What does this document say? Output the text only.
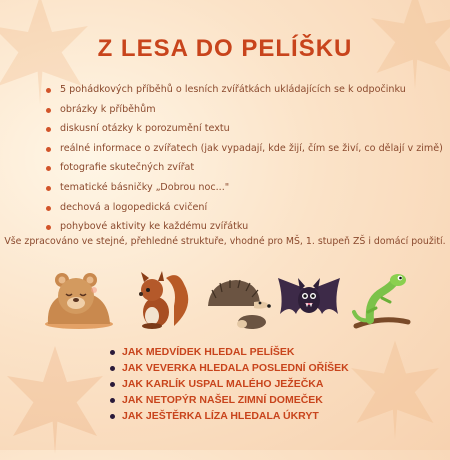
Z LESA DO PELÍŠKU
5 pohádkových příběhů o lesních zvířátkách ukládajících se k odpočinku
obrázky k příběhům
diskusní otázky k porozumění textu
reálné informace o zvířatech (jak vypadají, kde žijí, čím se živí, co dělají v zimě)
fotografie skutečných zvířat
tematické básničky „Dobrou noc..."
dechová a logopedická cvičení
pohybové aktivity ke každému zvířátku

Vše zpracováno ve stejné, přehledné struktuře, vhodné pro MŠ, 1. stupeň ZŠ i domácí použití.

JAK MEDVÍDEK HLEDAL PELÍŠEK
JAK VEVERKA HLEDALA POSLEDNÍ OŘÍŠEK
JAK KARLÍK USPAL MALÉHO JEŽEČKA
JAK NETOPÝR NAŠEL ZIMNÍ DOMEČEK
JAK JEŠTĚRKA LÍZA HLEDALA ÚKRYT
